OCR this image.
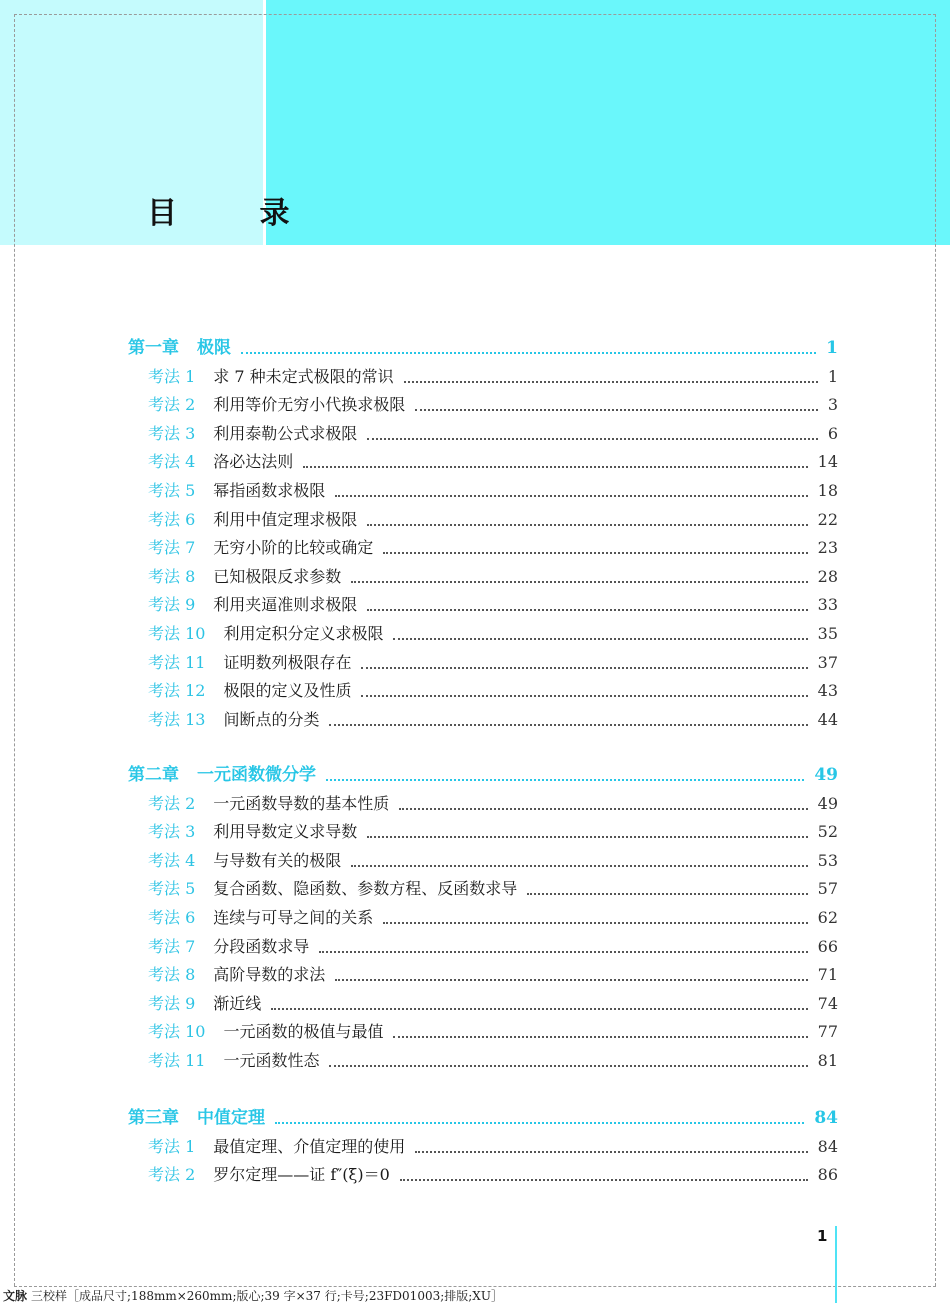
目 录
第一章 极限	1
考法 1 求 7 种未定式极限的常识	1
考法 2 利用等价无穷小代换求极限	3
考法 3 利用泰勒公式求极限	6
考法 4 洛必达法则	14
考法 5 幂指函数求极限	18
考法 6 利用中值定理求极限	22
考法 7 无穷小阶的比较或确定	23
考法 8 已知极限反求参数	28
考法 9 利用夹逼准则求极限	33
考法 10 利用定积分定义求极限	35
考法 11 证明数列极限存在	37
考法 12 极限的定义及性质	43
考法 13 间断点的分类	44
第二章 一元函数微分学	49
考法 2 一元函数导数的基本性质	49
考法 3 利用导数定义求导数	52
考法 4 与导数有关的极限	53
考法 5 复合函数、隐函数、参数方程、反函数求导	57
考法 6 连续与可导之间的关系	62
考法 7 分段函数求导	66
考法 8 高阶导数的求法	71
考法 9 渐近线	74
考法 10 一元函数的极值与最值	77
考法 11 一元函数性态	81
第三章 中值定理	84
考法 1 最值定理、介值定理的使用	84
考法 2 罗尔定理——证 f″(ξ)＝0	86
1
文脉 三校样［成品尺寸;188mm×260mm;版心;39 字×37 行;卡号;23FD01003;排版;XU］
